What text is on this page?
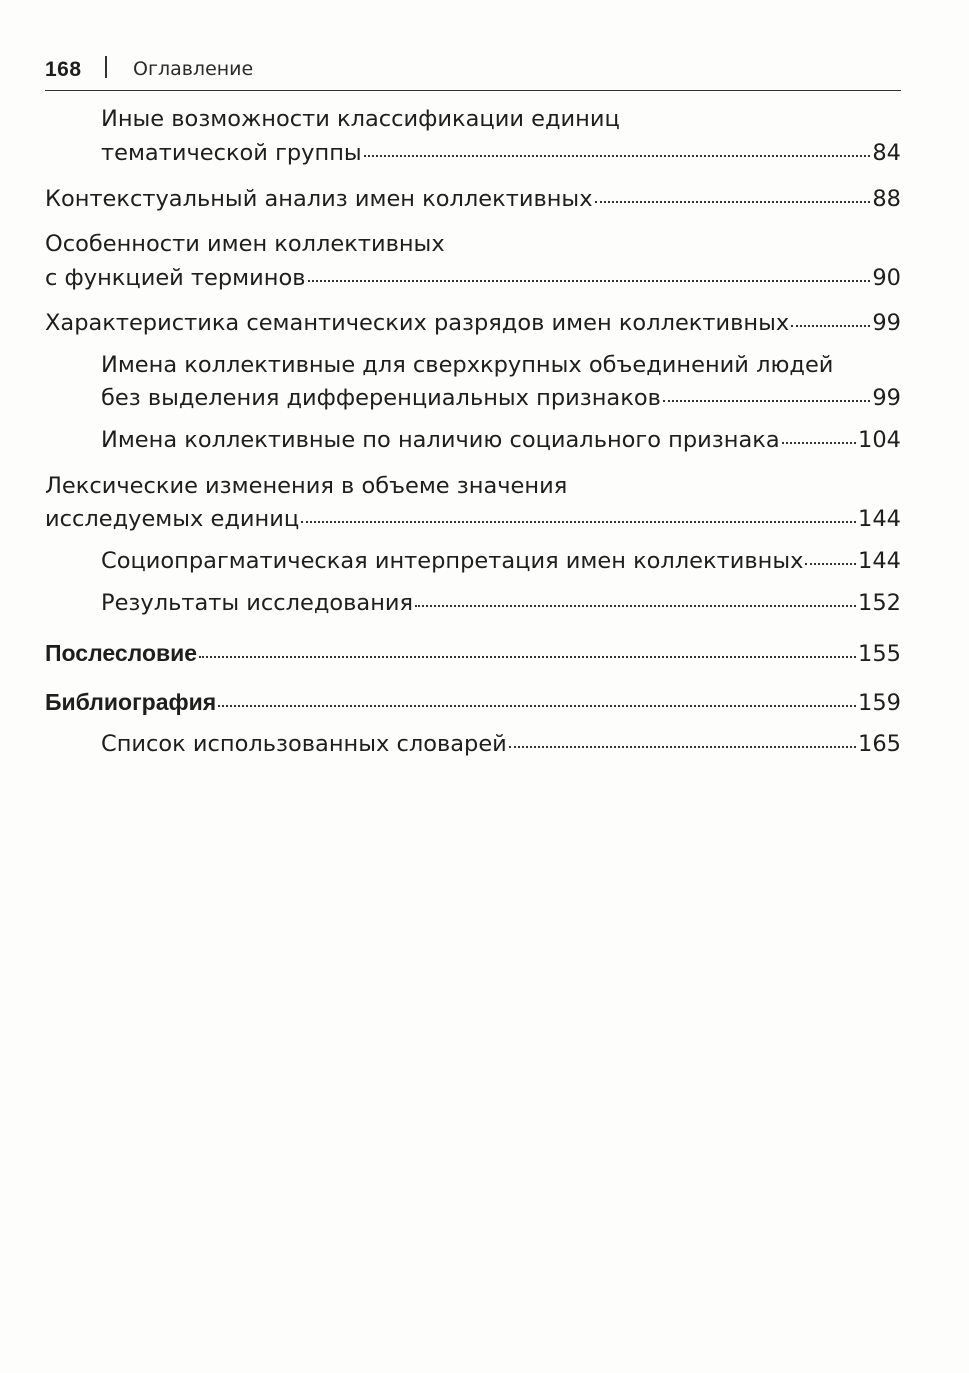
168	Оглавление
Иные возможности классификации единиц
тематической группы	84
Контекстуальный анализ имен коллективных	88
Особенности имен коллективных
с функцией терминов	90
Характеристика семантических разрядов имен коллективных	99
Имена коллективные для сверхкрупных объединений людей
без выделения дифференциальных признаков	99
Имена коллективные по наличию социального признака	104
Лексические изменения в объеме значения
исследуемых единиц	144
Социопрагматическая интерпретация имен коллективных 144
Результаты исследования	152
Послесловие	155
Библиография	159
Список использованных словарей	165
